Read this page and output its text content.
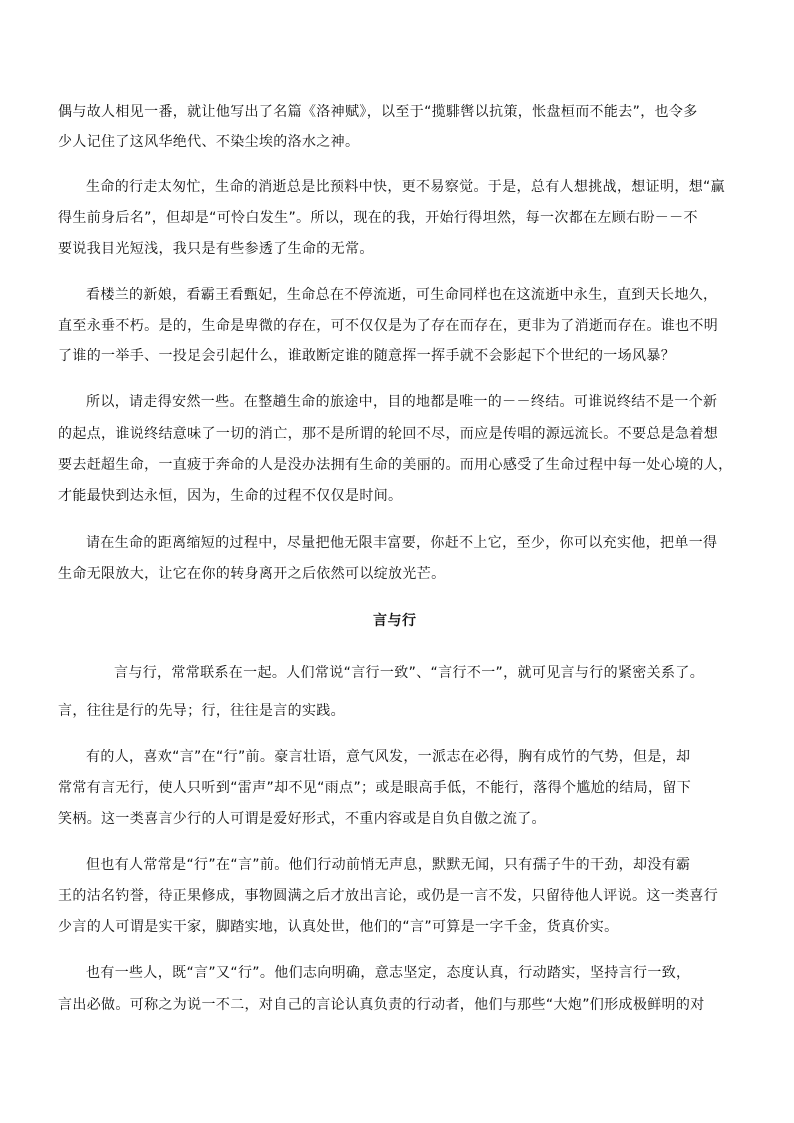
偶与故人相见一番，就让他写出了名篇《洛神赋》，以至于“揽騑辔以抗策，怅盘桓而不能去”，也令多
少人记住了这风华绝代、不染尘埃的洛水之神。
生命的行走太匆忙，生命的消逝总是比预料中快，更不易察觉。于是，总有人想挑战，想证明，想“赢
得生前身后名”，但却是“可怜白发生”。所以，现在的我，开始行得坦然，每一次都在左顾右盼－－不
要说我目光短浅，我只是有些参透了生命的无常。
看楼兰的新娘，看霸王看甄妃，生命总在不停流逝，可生命同样也在这流逝中永生，直到天长地久，
直至永垂不朽。是的，生命是卑微的存在，可不仅仅是为了存在而存在，更非为了消逝而存在。谁也不明
了谁的一举手、一投足会引起什么，谁敢断定谁的随意挥一挥手就不会影起下个世纪的一场风暴？
所以，请走得安然一些。在整趟生命的旅途中，目的地都是唯一的－－终结。可谁说终结不是一个新
的起点，谁说终结意味了一切的消亡，那不是所谓的轮回不尽，而应是传唱的源远流长。不要总是急着想
要去赶超生命，一直疲于奔命的人是没办法拥有生命的美丽的。而用心感受了生命过程中每一处心境的人，
才能最快到达永恒，因为，生命的过程不仅仅是时间。
请在生命的距离缩短的过程中，尽量把他无限丰富要，你赶不上它，至少，你可以充实他，把单一得
生命无限放大，让它在你的转身离开之后依然可以绽放光芒。
言与行
言与行，常常联系在一起。人们常说“言行一致”、“言行不一”，就可见言与行的紧密关系了。
言，往往是行的先导；行，往往是言的实践。
有的人，喜欢“言”在“行”前。豪言壮语，意气风发，一派志在必得，胸有成竹的气势，但是，却
常常有言无行，使人只听到“雷声”却不见“雨点”；或是眼高手低，不能行，落得个尴尬的结局，留下
笑柄。这一类喜言少行的人可谓是爱好形式，不重内容或是自负自傲之流了。
但也有人常常是“行”在“言”前。他们行动前悄无声息，默默无闻，只有孺子牛的干劲，却没有霸
王的沽名钓誉，待正果修成，事物圆满之后才放出言论，或仍是一言不发，只留待他人评说。这一类喜行
少言的人可谓是实干家，脚踏实地，认真处世，他们的“言”可算是一字千金，货真价实。
也有一些人，既“言”又“行”。他们志向明确，意志坚定，态度认真，行动踏实，坚持言行一致，
言出必做。可称之为说一不二，对自己的言论认真负责的行动者，他们与那些“大炮”们形成极鲜明的对
